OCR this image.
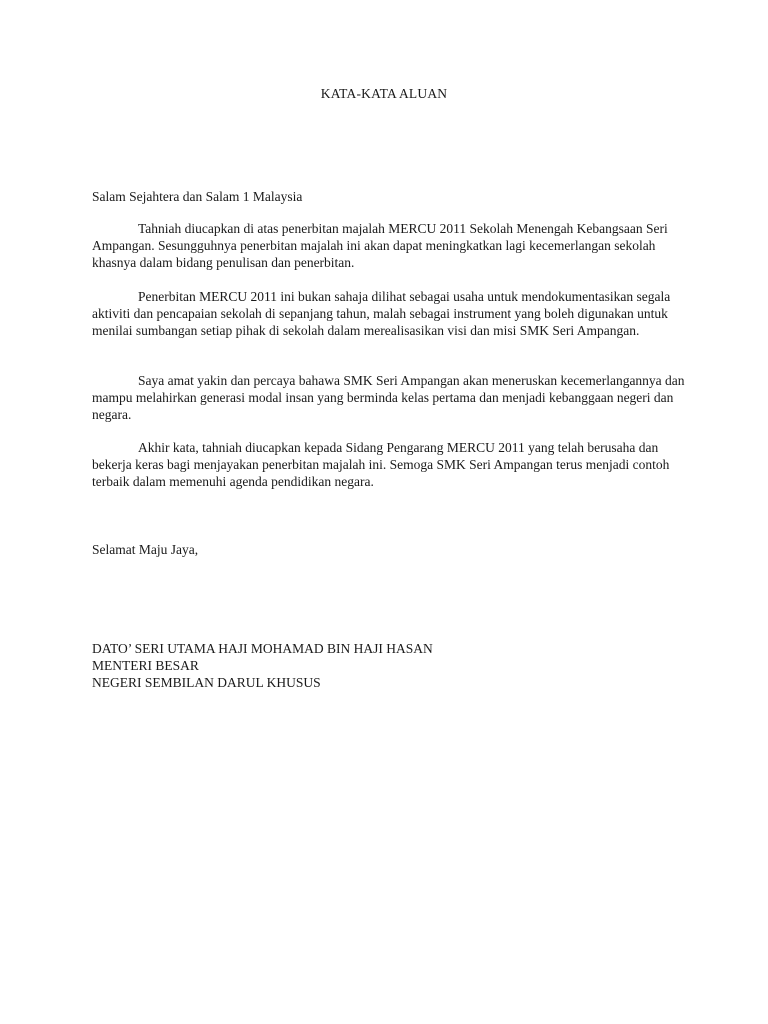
KATA-KATA ALUAN
Salam Sejahtera dan Salam 1 Malaysia

Tahniah diucapkan di atas penerbitan majalah MERCU 2011 Sekolah Menengah Kebangsaan Seri Ampangan. Sesungguhnya penerbitan majalah ini akan dapat meningkatkan lagi kecemerlangan sekolah khasnya dalam bidang penulisan dan penerbitan.

Penerbitan MERCU 2011 ini bukan sahaja dilihat sebagai usaha untuk mendokumentasikan segala aktiviti dan pencapaian sekolah di sepanjang tahun, malah sebagai instrument yang boleh digunakan untuk menilai sumbangan setiap pihak di sekolah dalam merealisasikan visi dan misi SMK Seri Ampangan.

Saya amat yakin dan percaya bahawa SMK Seri Ampangan akan meneruskan kecemerlangannya dan mampu melahirkan generasi modal insan yang berminda kelas pertama dan menjadi kebanggaan negeri dan negara.

Akhir kata, tahniah diucapkan kepada Sidang Pengarang MERCU 2011 yang telah berusaha dan bekerja keras bagi menjayakan penerbitan majalah ini. Semoga SMK Seri Ampangan terus menjadi contoh terbaik dalam memenuhi agenda pendidikan negara.

Selamat Maju Jaya,
DATO’ SERI UTAMA HAJI MOHAMAD BIN HAJI HASAN
MENTERI BESAR
NEGERI SEMBILAN DARUL KHUSUS
